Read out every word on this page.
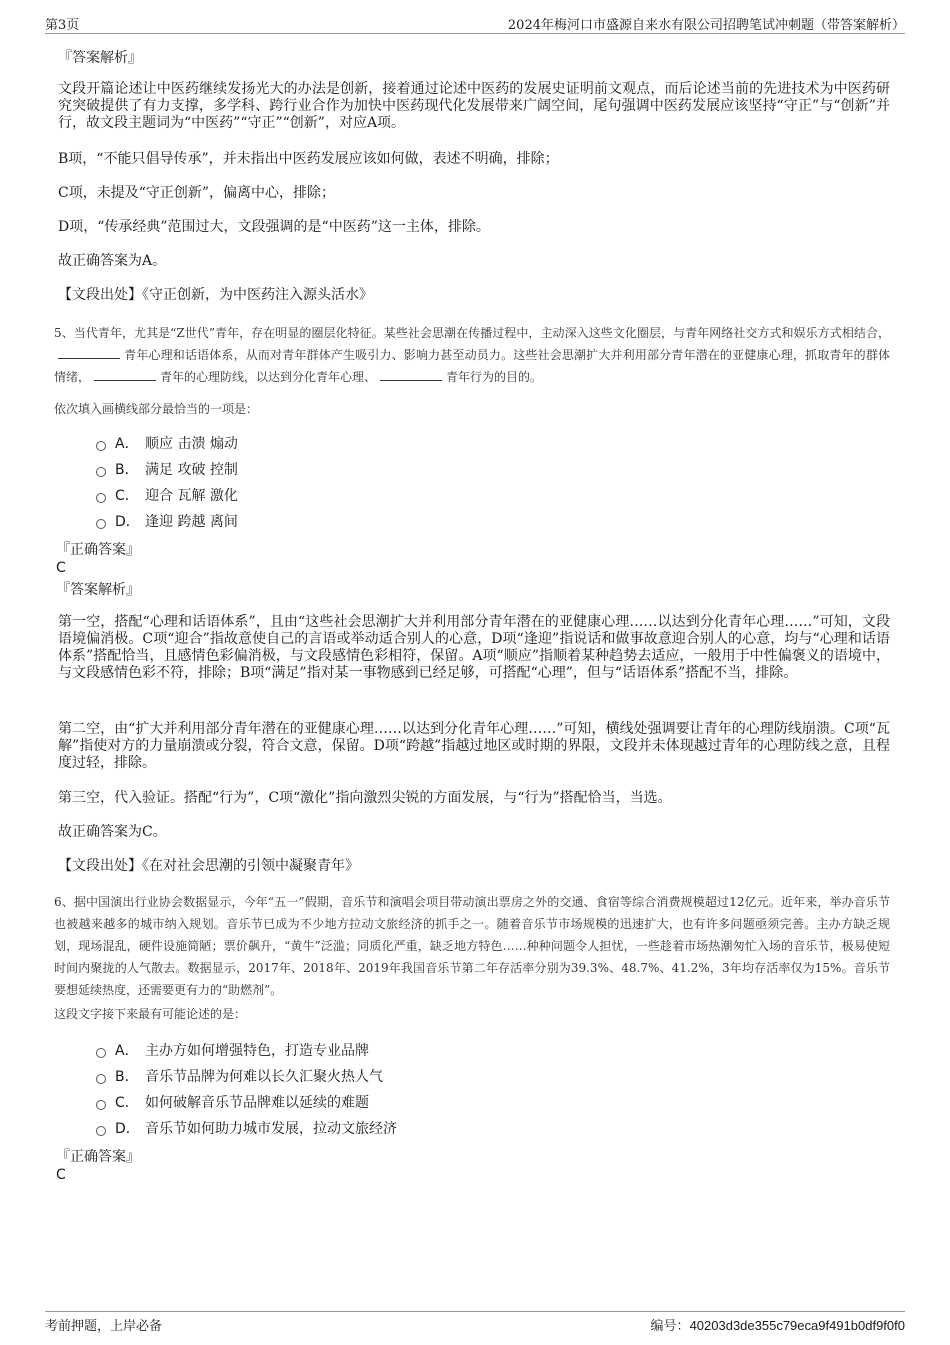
第3页	2024年梅河口市盛源自来水有限公司招聘笔试冲刺题（带答案解析）
『答案解析』
文段开篇论述让中医药继续发扬光大的办法是创新，接着通过论述中医药的发展史证明前文观点，而后论述当前的先进技术为中医药研究突破提供了有力支撑，多学科、跨行业合作为加快中医药现代化发展带来广阔空间，尾句强调中医药发展应该坚持“守正”与“创新”并行，故文段主题词为“中医药”“守正”“创新”，对应A项。
B项，“不能只倡导传承”，并未指出中医药发展应该如何做，表述不明确，排除；
C项，未提及“守正创新”，偏离中心，排除；
D项，“传承经典”范围过大，文段强调的是“中医药”这一主体，排除。
故正确答案为A。
【文段出处】《守正创新，为中医药注入源头活水》
5、当代青年，尤其是“Z世代”青年，存在明显的圈层化特征。某些社会思潮在传播过程中，主动深入这些文化圈层，与青年网络社交方式和娱乐方式相结合，青年心理和话语体系，从而对青年群体产生吸引力、影响力甚至动员力。这些社会思潮扩大并利用部分青年潜在的亚健康心理，抓取青年的群体情绪，	青年的心理防线，以达到分化青年心理、	青年行为的目的。
依次填入画横线部分最恰当的一项是：
A． 顺应 击溃 煽动
B． 满足 攻破 控制
C． 迎合 瓦解 激化
D． 逢迎 跨越 离间
『正确答案』
C
『答案解析』
第一空，搭配“心理和话语体系”，且由“这些社会思潮扩大并利用部分青年潜在的亚健康心理……以达到分化青年心理……”可知，文段语境偏消极。C项“迎合”指故意使自己的言语或举动适合别人的心意，D项“逢迎”指说话和做事故意迎合别人的心意，均与“心理和话语体系”搭配恰当，且感情色彩偏消极，与文段感情色彩相符，保留。A项“顺应”指顺着某种趋势去适应，一般用于中性偏褒义的语境中，与文段感情色彩不符，排除；B项“满足”指对某一事物感到已经足够，可搭配“心理”，但与“话语体系”搭配不当，排除。
第二空，由“扩大并利用部分青年潜在的亚健康心理……以达到分化青年心理……”可知，横线处强调要让青年的心理防线崩溃。C项“瓦解”指使对方的力量崩溃或分裂，符合文意，保留。D项“跨越”指越过地区或时期的界限，文段并未体现越过青年的心理防线之意，且程度过轻，排除。
第三空，代入验证。搭配“行为”，C项“激化”指向激烈尖锐的方面发展，与“行为”搭配恰当，当选。
故正确答案为C。
【文段出处】《在对社会思潮的引领中凝聚青年》
6、据中国演出行业协会数据显示，今年“五一”假期，音乐节和演唱会项目带动演出票房之外的交通、食宿等综合消费规模超过12亿元。近年来，举办音乐节也被越来越多的城市纳入规划。音乐节已成为不少地方拉动文旅经济的抓手之一。随着音乐节市场规模的迅速扩大，也有许多问题亟须完善。主办方缺乏规划，现场混乱，硬件设施简陋；票价飙升，“黄牛”泛滥；同质化严重，缺乏地方特色……种种问题令人担忧，一些趁着市场热潮匆忙入场的音乐节，极易使短时间内聚拢的人气散去。数据显示，2017年、2018年、2019年我国音乐节第二年存活率分别为39.3%、48.7%、41.2%，3年均存活率仅为15%。音乐节要想延续热度，还需要更有力的“助燃剂”。
这段文字接下来最有可能论述的是：
A． 主办方如何增强特色，打造专业品牌
B． 音乐节品牌为何难以长久汇聚火热人气
C． 如何破解音乐节品牌难以延续的难题
D． 音乐节如何助力城市发展，拉动文旅经济
『正确答案』
C
考前押题，上岸必备	编号：40203d3de355c79eca9f491b0df9f0f0
